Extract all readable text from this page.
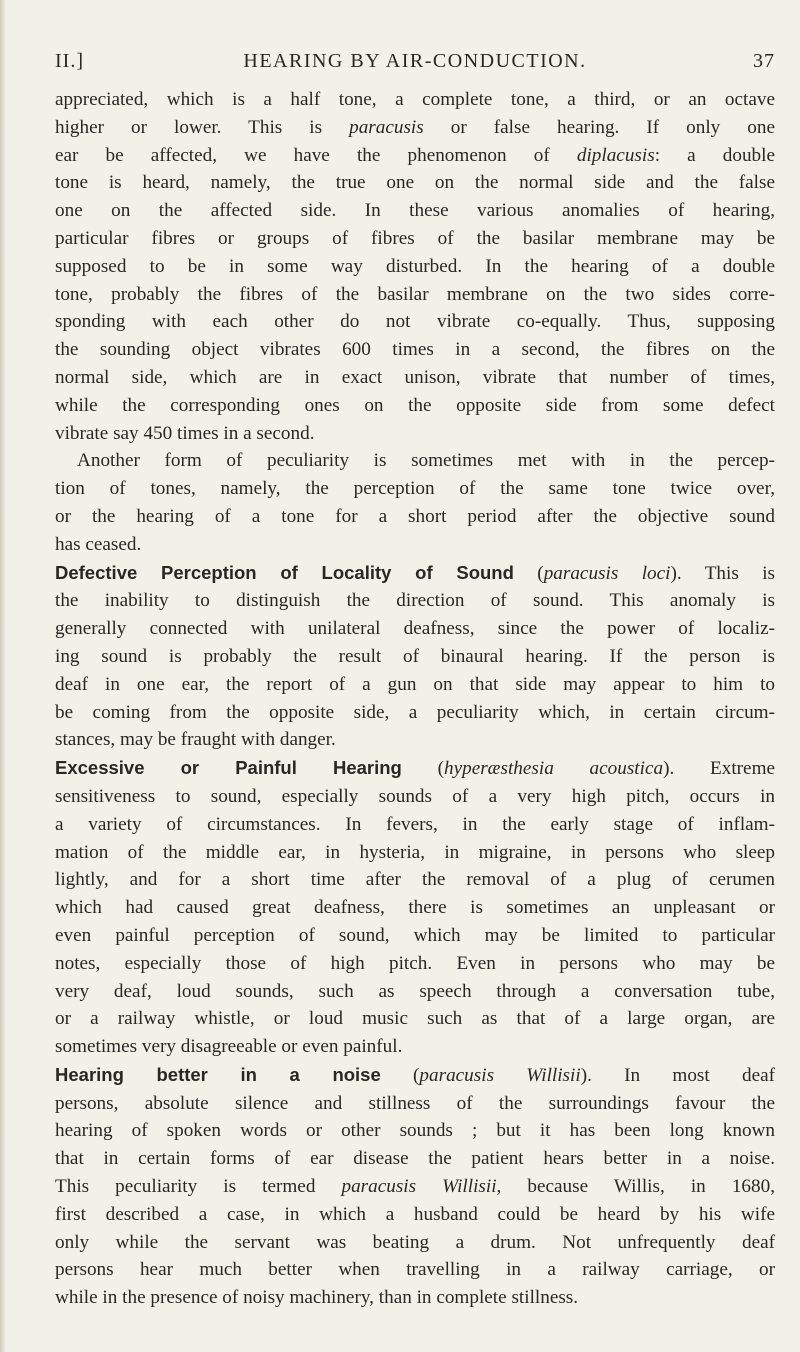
II.]	HEARING BY AIR-CONDUCTION.	37
appreciated, which is a half tone, a complete tone, a third, or an octave
higher or lower. This is paracusis or false hearing. If only one
ear be affected, we have the phenomenon of diplacusis: a double
tone is heard, namely, the true one on the normal side and the false
one on the affected side. In these various anomalies of hearing,
particular fibres or groups of fibres of the basilar membrane may be
supposed to be in some way disturbed. In the hearing of a double
tone, probably the fibres of the basilar membrane on the two sides corre-
sponding with each other do not vibrate co-equally. Thus, supposing
the sounding object vibrates 600 times in a second, the fibres on the
normal side, which are in exact unison, vibrate that number of times,
while the corresponding ones on the opposite side from some defect
vibrate say 450 times in a second.
Another form of peculiarity is sometimes met with in the percep-
tion of tones, namely, the perception of the same tone twice over,
or the hearing of a tone for a short period after the objective sound
has ceased.
Defective Perception of Locality of Sound (paracusis loci). This is
the inability to distinguish the direction of sound. This anomaly is
generally connected with unilateral deafness, since the power of localiz-
ing sound is probably the result of binaural hearing. If the person is
deaf in one ear, the report of a gun on that side may appear to him to
be coming from the opposite side, a peculiarity which, in certain circum-
stances, may be fraught with danger.
Excessive or Painful Hearing (hyperæsthesia acoustica). Extreme
sensitiveness to sound, especially sounds of a very high pitch, occurs in
a variety of circumstances. In fevers, in the early stage of inflam-
mation of the middle ear, in hysteria, in migraine, in persons who sleep
lightly, and for a short time after the removal of a plug of cerumen
which had caused great deafness, there is sometimes an unpleasant or
even painful perception of sound, which may be limited to particular
notes, especially those of high pitch. Even in persons who may be
very deaf, loud sounds, such as speech through a conversation tube,
or a railway whistle, or loud music such as that of a large organ, are
sometimes very disagreeable or even painful.
Hearing better in a noise (paracusis Willisii). In most deaf
persons, absolute silence and stillness of the surroundings favour the
hearing of spoken words or other sounds ; but it has been long known
that in certain forms of ear disease the patient hears better in a noise.
This peculiarity is termed paracusis Willisii, because Willis, in 1680,
first described a case, in which a husband could be heard by his wife
only while the servant was beating a drum. Not unfrequently deaf
persons hear much better when travelling in a railway carriage, or
while in the presence of noisy machinery, than in complete stillness.
